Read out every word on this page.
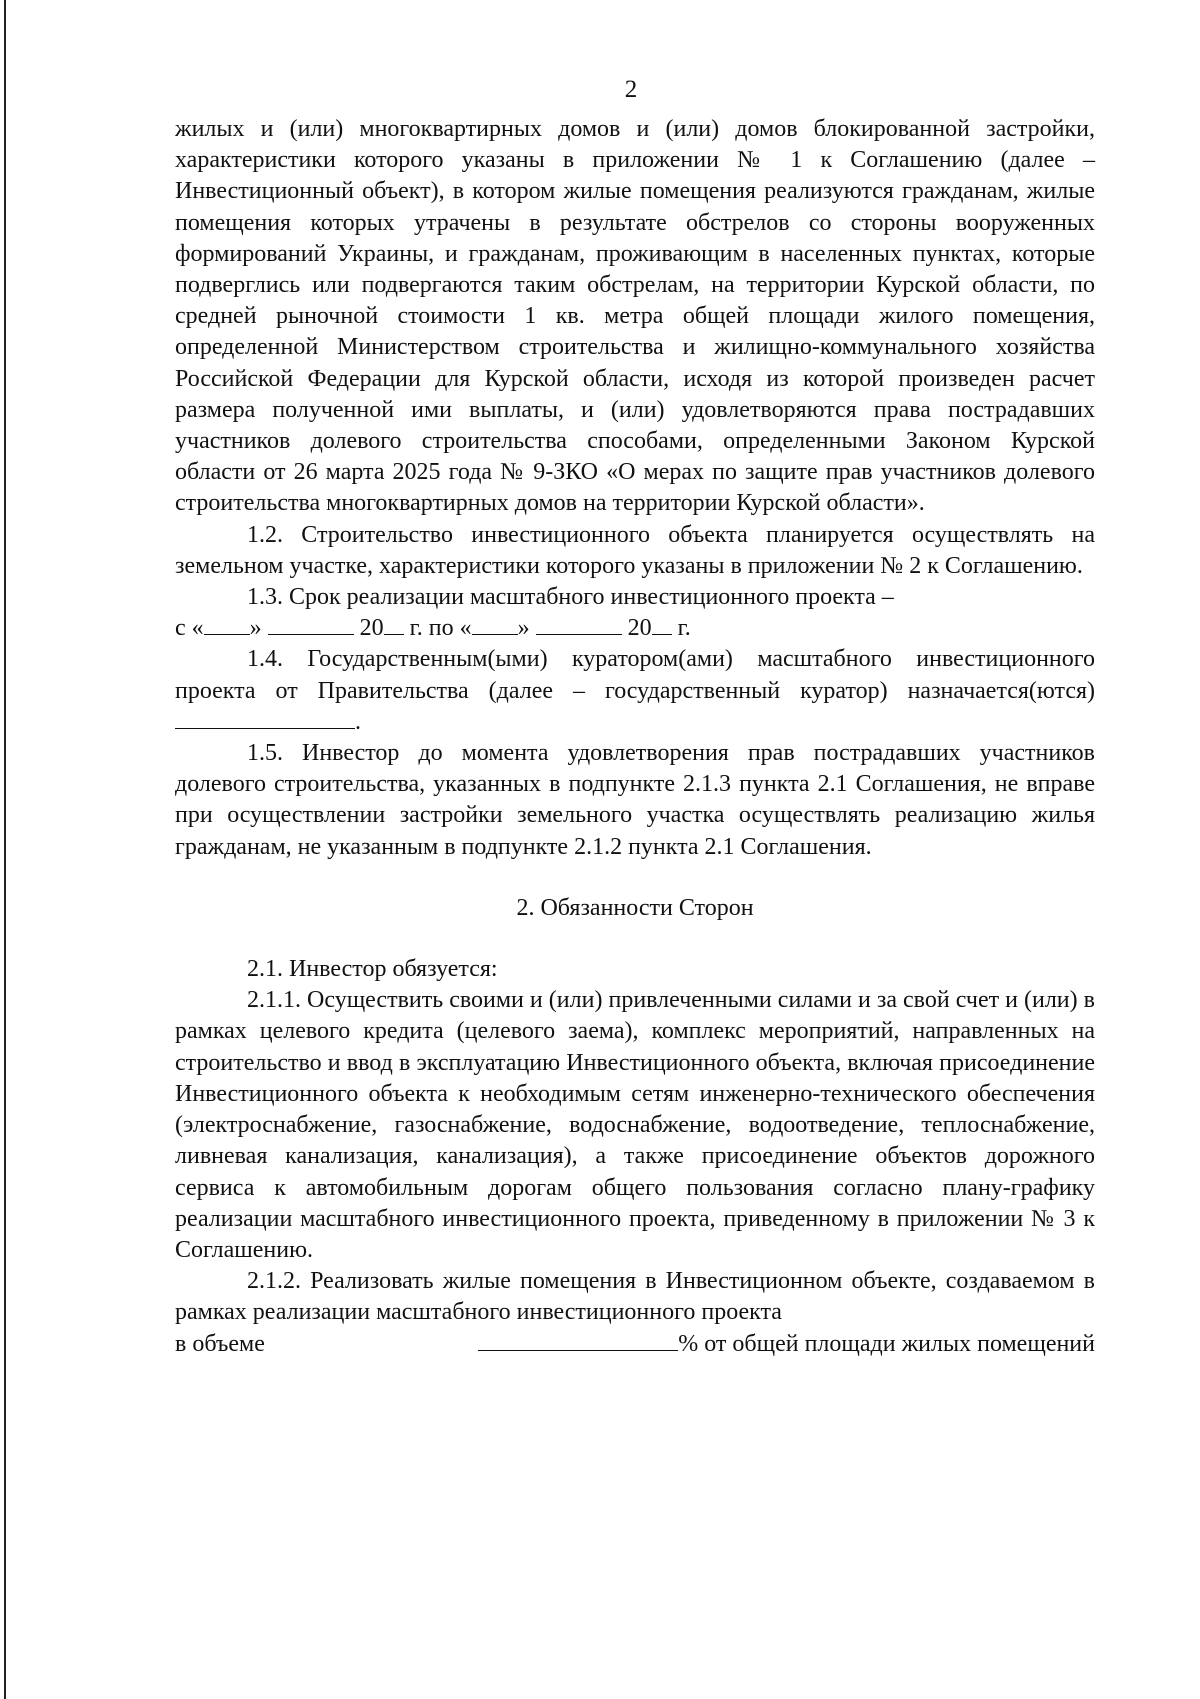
2

жилых и (или) многоквартирных домов и (или) домов блокированной застройки, характеристики которого указаны в приложении № 1 к Соглашению (далее – Инвестиционный объект), в котором жилые помещения реализуются гражданам, жилые помещения которых утрачены в результате обстрелов со стороны вооруженных формирований Украины, и гражданам, проживающим в населенных пунктах, которые подверглись или подвергаются таким обстрелам, на территории Курской области, по средней рыночной стоимости 1 кв. метра общей площади жилого помещения, определенной Министерством строительства и жилищно-коммунального хозяйства Российской Федерации для Курской области, исходя из которой произведен расчет размера полученной ими выплаты, и (или) удовлетворяются права пострадавших участников долевого строительства способами, определенными Законом Курской области от 26 марта 2025 года № 9-ЗКО «О мерах по защите прав участников долевого строительства многоквартирных домов на территории Курской области».

1.2. Строительство инвестиционного объекта планируется осуществлять на земельном участке, характеристики которого указаны в приложении № 2 к Соглашению.

1.3. Срок реализации масштабного инвестиционного проекта –

с « »	20 г. по « »	20 г.

1.4. Государственным(ыми) куратором(ами) масштабного инвестиционного проекта от Правительства (далее – государственный куратор) назначается(ются) .

1.5. Инвестор до момента удовлетворения прав пострадавших участников долевого строительства, указанных в подпункте 2.1.3 пункта 2.1 Соглашения, не вправе при осуществлении застройки земельного участка осуществлять реализацию жилья гражданам, не указанным в подпункте 2.1.2 пункта 2.1 Соглашения.

2. Обязанности Сторон

2.1. Инвестор обязуется:

2.1.1. Осуществить своими и (или) привлеченными силами и за свой счет и (или) в рамках целевого кредита (целевого заема), комплекс мероприятий, направленных на строительство и ввод в эксплуатацию Инвестиционного объекта, включая присоединение Инвестиционного объекта к необходимым сетям инженерно-технического обеспечения (электроснабжение, газоснабжение, водоснабжение, водоотведение, теплоснабжение, ливневая канализация, канализация), а также присоединение объектов дорожного сервиса к автомобильным дорогам общего пользования согласно плану-графику реализации масштабного инвестиционного проекта, приведенному в приложении № 3 к Соглашению.

2.1.2. Реализовать жилые помещения в Инвестиционном объекте, создаваемом в рамках реализации масштабного инвестиционного проекта

в объеме	% от общей площади жилых помещений
